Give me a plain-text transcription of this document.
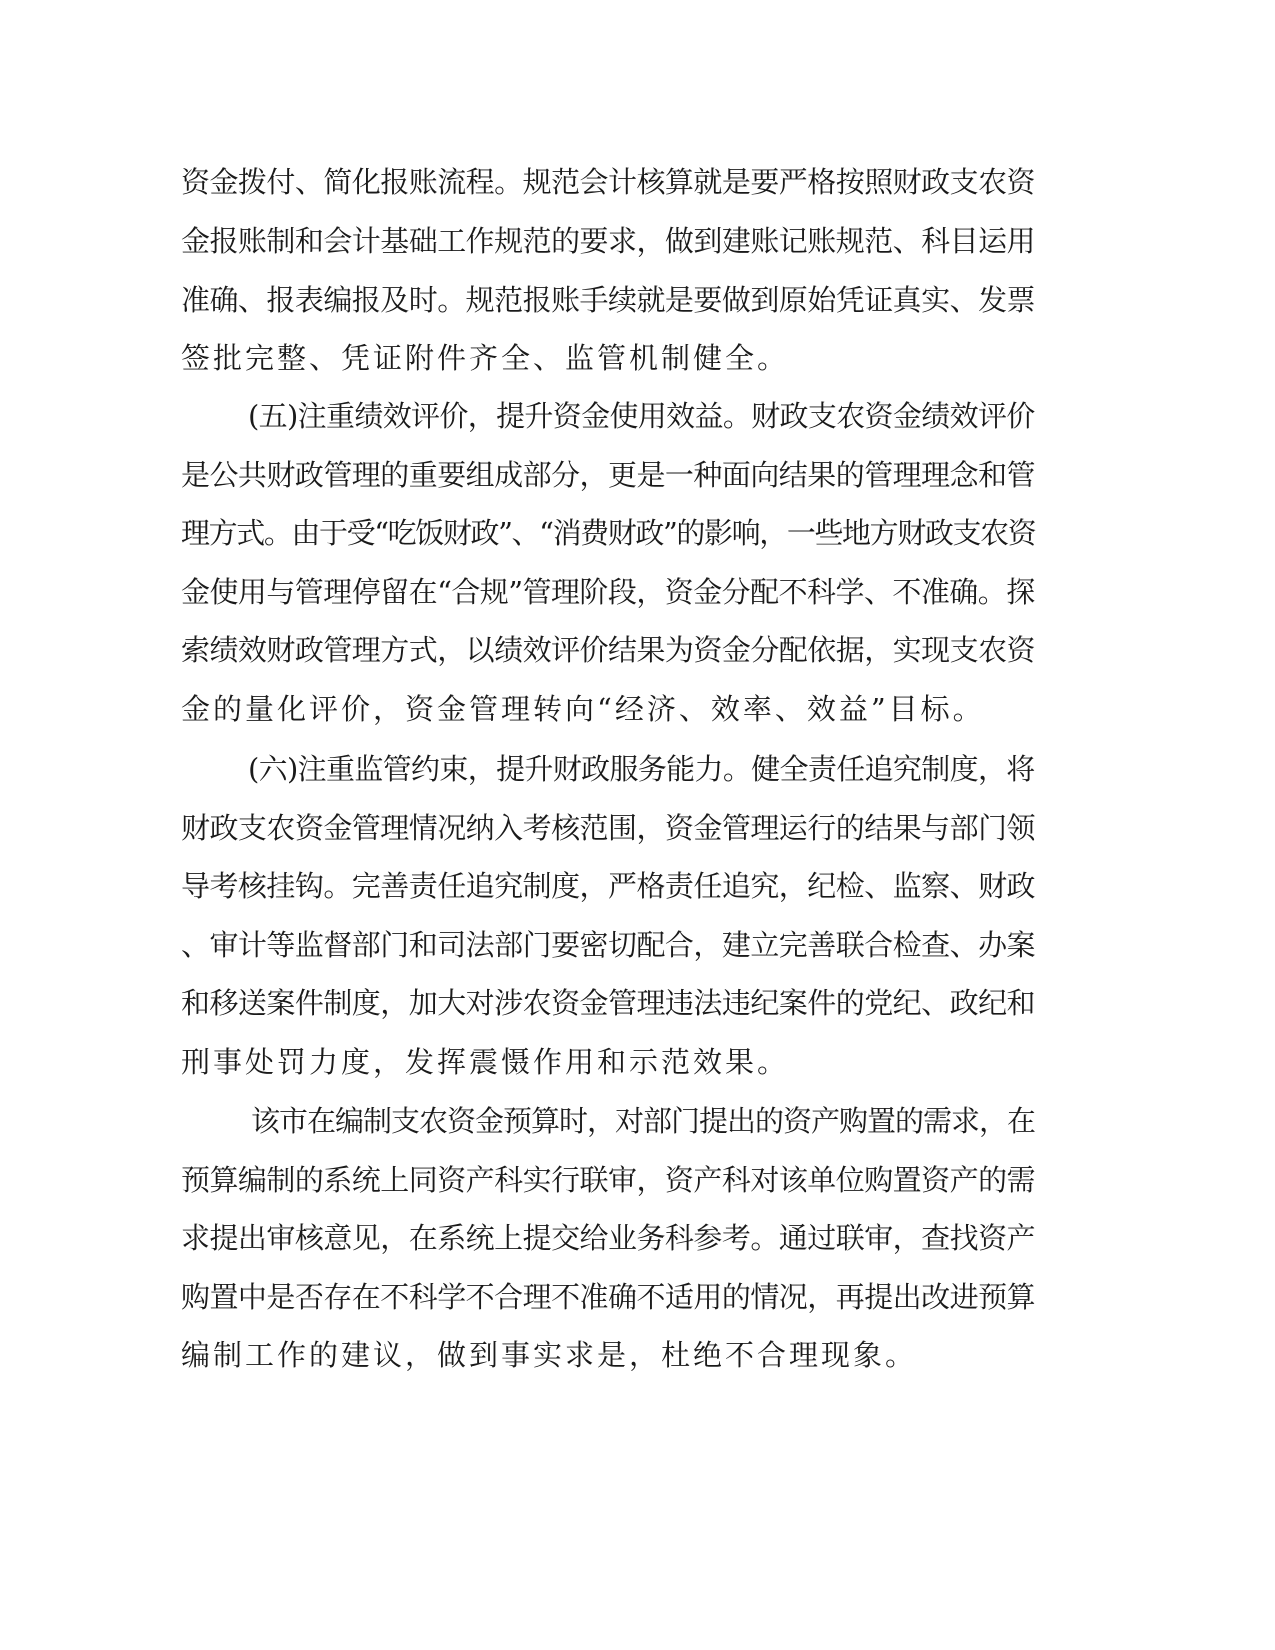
资金拨付、简化报账流程。规范会计核算就是要严格按照财政支农资
金报账制和会计基础工作规范的要求，做到建账记账规范、科目运用
准确、报表编报及时。规范报账手续就是要做到原始凭证真实、发票
签批完整、凭证附件齐全、监管机制健全。
(五)注重绩效评价，提升资金使用效益。财政支农资金绩效评价
是公共财政管理的重要组成部分，更是一种面向结果的管理理念和管
理方式。由于受“吃饭财政”、“消费财政”的影响，一些地方财政支农资
金使用与管理停留在“合规”管理阶段，资金分配不科学、不准确。探
索绩效财政管理方式，以绩效评价结果为资金分配依据，实现支农资
金的量化评价，资金管理转向“经济、效率、效益”目标。
(六)注重监管约束，提升财政服务能力。健全责任追究制度，将
财政支农资金管理情况纳入考核范围，资金管理运行的结果与部门领
导考核挂钩。完善责任追究制度，严格责任追究，纪检、监察、财政
、审计等监督部门和司法部门要密切配合，建立完善联合检查、办案
和移送案件制度，加大对涉农资金管理违法违纪案件的党纪、政纪和
刑事处罚力度，发挥震慑作用和示范效果。
该市在编制支农资金预算时，对部门提出的资产购置的需求，在
预算编制的系统上同资产科实行联审，资产科对该单位购置资产的需
求提出审核意见，在系统上提交给业务科参考。通过联审，查找资产
购置中是否存在不科学不合理不准确不适用的情况，再提出改进预算
编制工作的建议，做到事实求是，杜绝不合理现象。
